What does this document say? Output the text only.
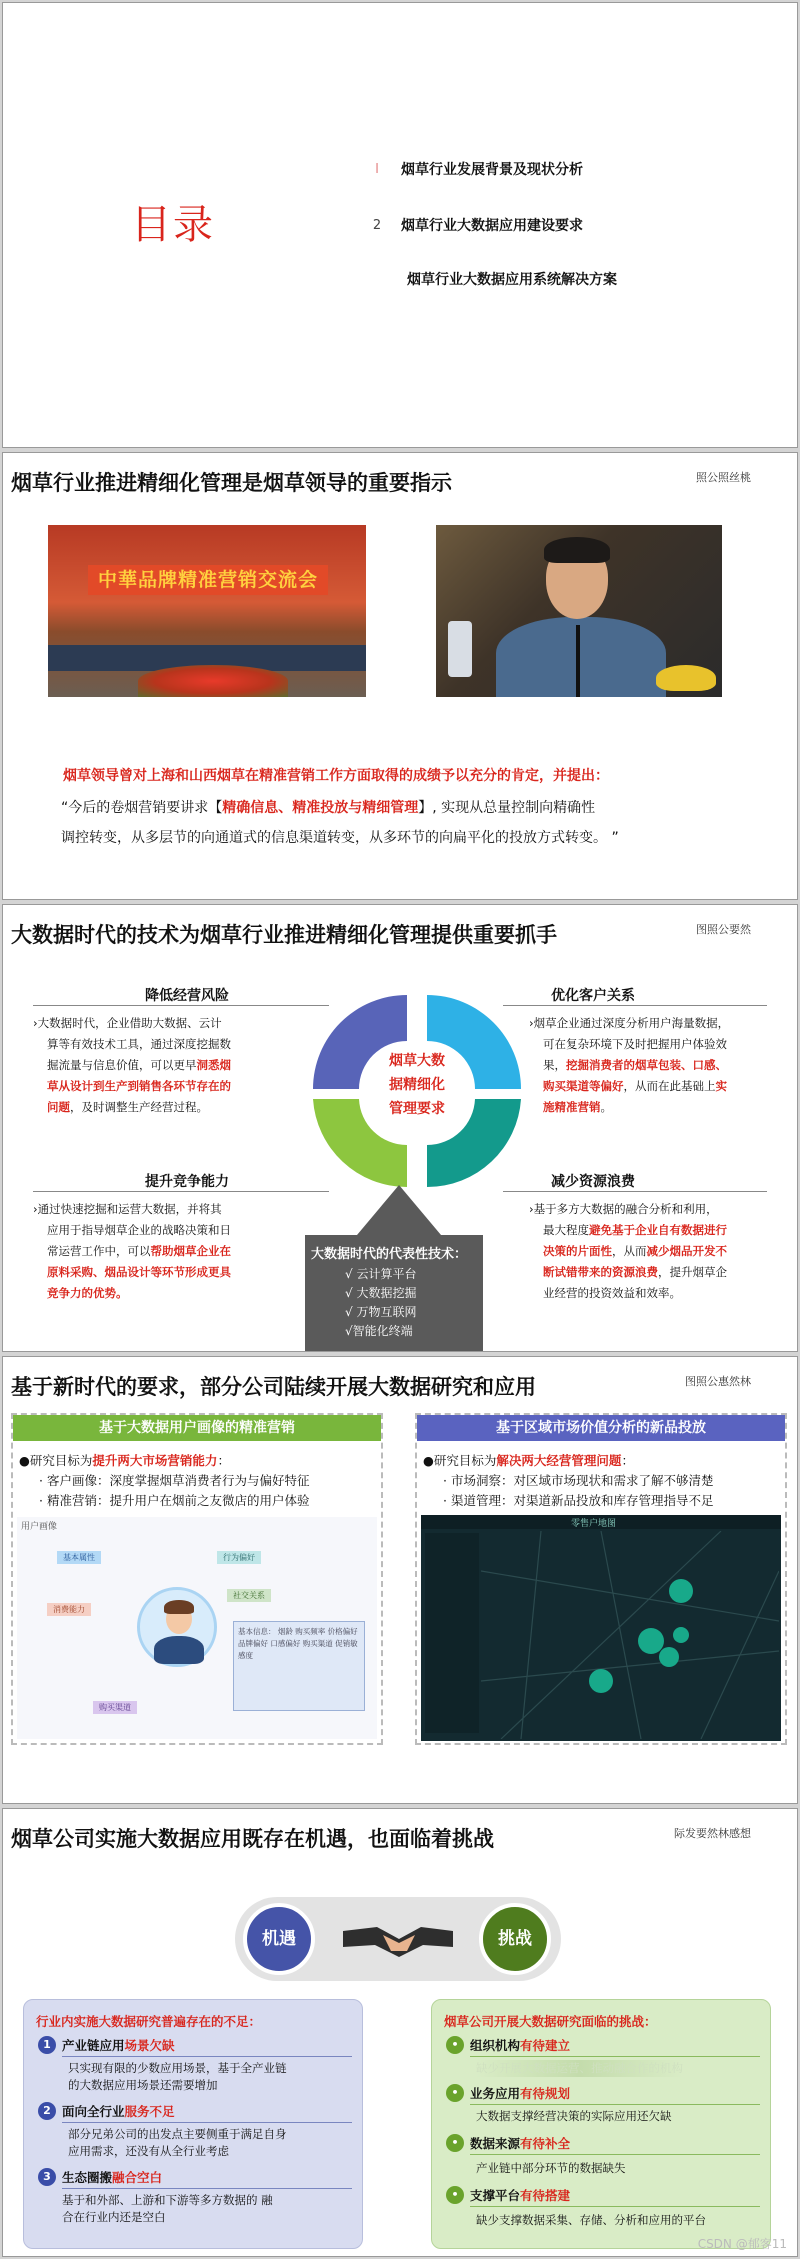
目录
Ⅰ	烟草行业发展背景及现状分析
2	烟草行业大数据应用建设要求
烟草行业大数据应用系统解决方案
烟草行业推进精细化管理是烟草领导的重要指示	照公照丝桃
中華品牌精准营销交流会
烟草领导曾对上海和山西烟草在精准营销工作方面取得的成绩予以充分的肯定，并提出：
“今后的卷烟营销要讲求【精确信息、精准投放与精细管理】, 实现从总量控制向精确性
调控转变，从多层节的向通道式的信息渠道转变，从多环节的向扁平化的投放方式转变。 ”
大数据时代的技术为烟草行业推进精细化管理提供重要抓手	图照公要然
烟草大数
据精细化
管理要求
降低经营风险
›大数据时代，企业借助大数据、云计
算等有效技术工具，通过深度挖掘数
掘流量与信息价值，可以更早洞悉烟
草从设计到生产到销售各环节存在的
问题，及时调整生产经营过程。
优化客户关系
›烟草企业通过深度分析用户海量数据，
可在复杂环境下及时把握用户体验效
果，挖掘消费者的烟草包装、口感、
购买渠道等偏好，从而在此基础上实
施精准营销。
提升竞争能力
›通过快速挖掘和运营大数据，并将其
应用于指导烟草企业的战略决策和日
常运营工作中，可以帮助烟草企业在
原料采购、烟品设计等环节形成更具
竞争力的优势。
减少资源浪费
›基于多方大数据的融合分析和利用，
最大程度避免基于企业自有数据进行
决策的片面性，从而减少烟品开发不
断试错带来的资源浪费，提升烟草企
业经营的投资效益和效率。
大数据时代的代表性技术：
√ 云计算平台
√ 大数据挖掘
√ 万物互联网
√智能化终端
基于新时代的要求，部分公司陆续开展大数据研究和应用	图照公惠然林
基于大数据用户画像的精准营销
●研究目标为提升两大市场营销能力：
· 客户画像：深度掌握烟草消费者行为与偏好特征
· 精准营销：提升用户在烟前之友微店的用户体验
用户画像
基本属性	行为偏好
消费能力
社交关系
购买渠道
基本信息： 烟龄 购买频率 价格偏好 品牌偏好 口感偏好 购买渠道 促销敏感度
基于区域市场价值分析的新品投放
●研究目标为解决两大经营管理问题：
· 市场洞察：对区域市场现状和需求了解不够清楚
· 渠道管理：对渠道新品投放和库存管理指导不足
零售户地图
烟草公司实施大数据应用既存在机遇，也面临着挑战	际发要然林感想
机遇	挑战
行业内实施大数据研究普遍存在的不足：
1 产业链应用场景欠缺
只实现有限的少数应用场景，基于全产业链
的大数据应用场景还需要增加
2 面向全行业服务不足
部分兄弟公司的出发点主要侧重于满足自身
应用需求，还没有从全行业考虑
3 生态圈搬融合空白
基于和外部、上游和下游等多方数据的 融
合在行业内还是空白
烟草公司开展大数据研究面临的挑战：
• 组织机构有待建立
缺少开展大数据运营、推动融合作的机构
• 业务应用有待规划
大数据支撑经营决策的实际应用还欠缺
• 数据来源有待补全
产业链中部分环节的数据缺失
• 支撑平台有待搭建
缺少支撑数据采集、存储、分析和应用的平台
CSDN @郁客11
